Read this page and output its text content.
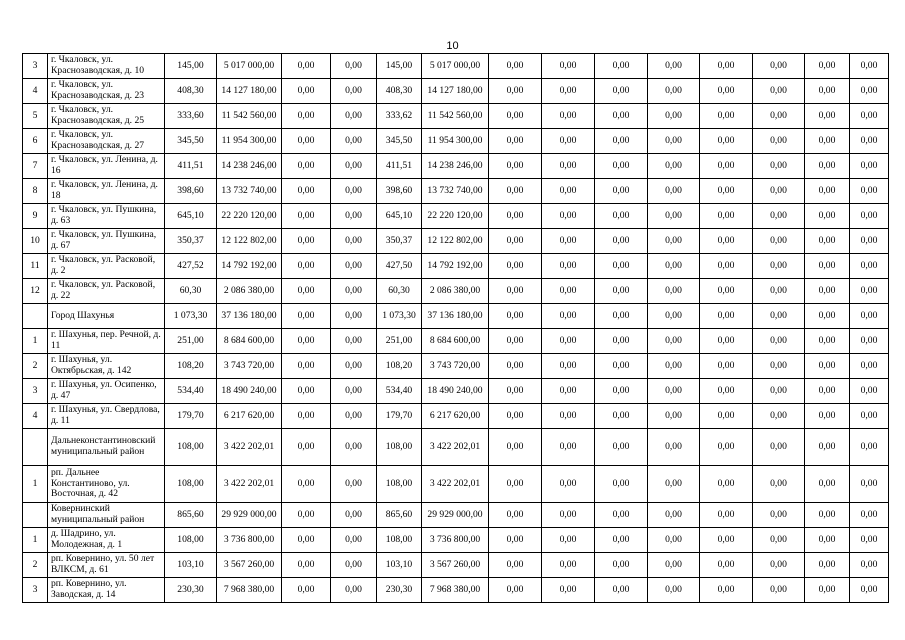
10
3	г. Чкаловск, ул. Краснозаводская, д. 10	145,00	5 017 000,00	0,00	0,00	145,00	5 017 000,00	0,00	0,00	0,00	0,00	0,00	0,00	0,00	0,00
4	г. Чкаловск, ул. Краснозаводская, д. 23	408,30	14 127 180,00	0,00	0,00	408,30	14 127 180,00	0,00	0,00	0,00	0,00	0,00	0,00	0,00	0,00
5	г. Чкаловск, ул. Краснозаводская, д. 25	333,60	11 542 560,00	0,00	0,00	333,62	11 542 560,00	0,00	0,00	0,00	0,00	0,00	0,00	0,00	0,00
6	г. Чкаловск, ул. Краснозаводская, д. 27	345,50	11 954 300,00	0,00	0,00	345,50	11 954 300,00	0,00	0,00	0,00	0,00	0,00	0,00	0,00	0,00
7	г. Чкаловск, ул. Ленина, д. 16	411,51	14 238 246,00	0,00	0,00	411,51	14 238 246,00	0,00	0,00	0,00	0,00	0,00	0,00	0,00	0,00
8	г. Чкаловск, ул. Ленина, д. 18	398,60	13 732 740,00	0,00	0,00	398,60	13 732 740,00	0,00	0,00	0,00	0,00	0,00	0,00	0,00	0,00
9	г. Чкаловск, ул. Пушкина, д. 63	645,10	22 220 120,00	0,00	0,00	645,10	22 220 120,00	0,00	0,00	0,00	0,00	0,00	0,00	0,00	0,00
10	г. Чкаловск, ул. Пушкина, д. 67	350,37	12 122 802,00	0,00	0,00	350,37	12 122 802,00	0,00	0,00	0,00	0,00	0,00	0,00	0,00	0,00
11	г. Чкаловск, ул. Расковой, д. 2	427,52	14 792 192,00	0,00	0,00	427,50	14 792 192,00	0,00	0,00	0,00	0,00	0,00	0,00	0,00	0,00
12	г. Чкаловск, ул. Расковой, д. 22	60,30	2 086 380,00	0,00	0,00	60,30	2 086 380,00	0,00	0,00	0,00	0,00	0,00	0,00	0,00	0,00
	Город Шахунья	1 073,30	37 136 180,00	0,00	0,00	1 073,30	37 136 180,00	0,00	0,00	0,00	0,00	0,00	0,00	0,00	0,00
1	г. Шахунья, пер. Речной, д. 11	251,00	8 684 600,00	0,00	0,00	251,00	8 684 600,00	0,00	0,00	0,00	0,00	0,00	0,00	0,00	0,00
2	г. Шахунья, ул. Октябрьская, д. 142	108,20	3 743 720,00	0,00	0,00	108,20	3 743 720,00	0,00	0,00	0,00	0,00	0,00	0,00	0,00	0,00
3	г. Шахунья, ул. Осипенко, д. 47	534,40	18 490 240,00	0,00	0,00	534,40	18 490 240,00	0,00	0,00	0,00	0,00	0,00	0,00	0,00	0,00
4	г. Шахунья, ул. Свердлова, д. 11	179,70	6 217 620,00	0,00	0,00	179,70	6 217 620,00	0,00	0,00	0,00	0,00	0,00	0,00	0,00	0,00
	Дальнеконстантиновский муниципальный район	108,00	3 422 202,01	0,00	0,00	108,00	3 422 202,01	0,00	0,00	0,00	0,00	0,00	0,00	0,00	0,00
1	рп. Дальнее Константиново, ул. Восточная, д. 42	108,00	3 422 202,01	0,00	0,00	108,00	3 422 202,01	0,00	0,00	0,00	0,00	0,00	0,00	0,00	0,00
	Ковернинский муниципальный район	865,60	29 929 000,00	0,00	0,00	865,60	29 929 000,00	0,00	0,00	0,00	0,00	0,00	0,00	0,00	0,00
1	д. Шадрино, ул. Молодежная, д. 1	108,00	3 736 800,00	0,00	0,00	108,00	3 736 800,00	0,00	0,00	0,00	0,00	0,00	0,00	0,00	0,00
2	рп. Ковернино, ул. 50 лет ВЛКСМ, д. 61	103,10	3 567 260,00	0,00	0,00	103,10	3 567 260,00	0,00	0,00	0,00	0,00	0,00	0,00	0,00	0,00
3	рп. Ковернино, ул. Заводская, д. 14	230,30	7 968 380,00	0,00	0,00	230,30	7 968 380,00	0,00	0,00	0,00	0,00	0,00	0,00	0,00	0,00
